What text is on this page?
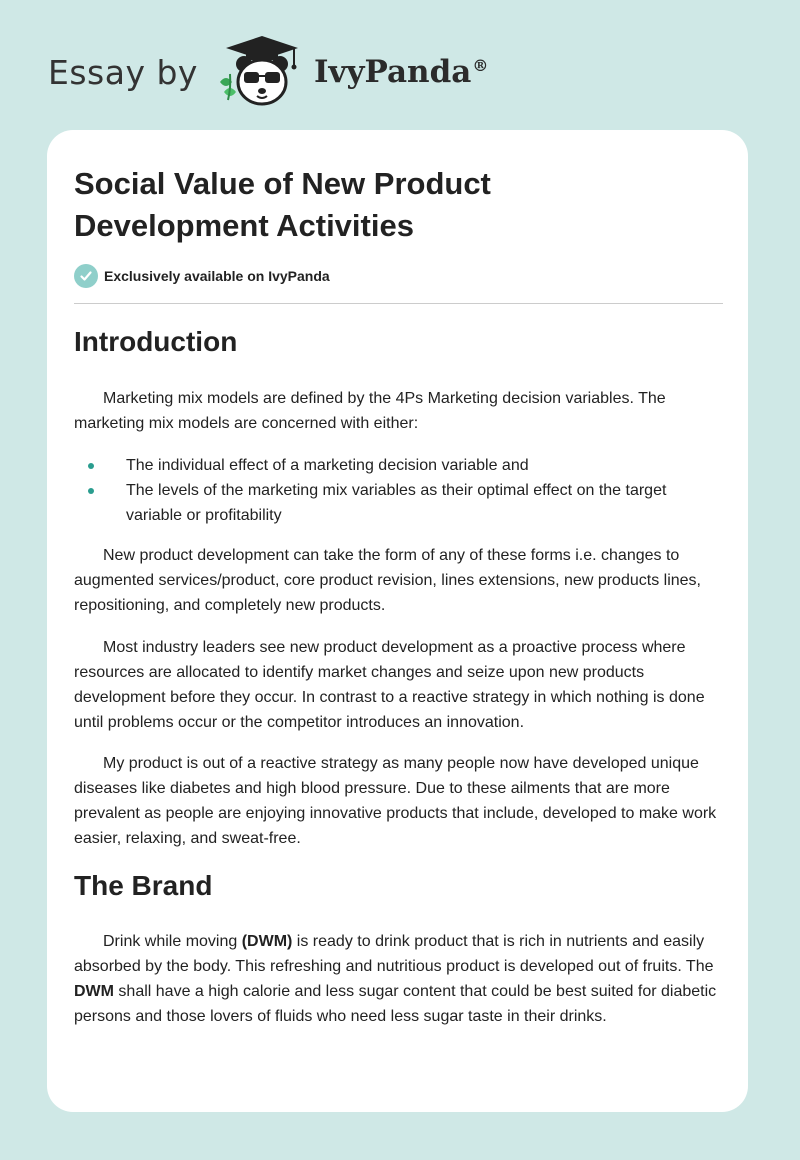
Essay by	IvyPanda®
Social Value of New Product Development Activities
Exclusively available on IvyPanda
Introduction

Marketing mix models are defined by the 4Ps Marketing decision variables. The marketing mix models are concerned with either:

The individual effect of a marketing decision variable and
The levels of the marketing mix variables as their optimal effect on the target variable or profitability

New product development can take the form of any of these forms i.e. changes to augmented services/product, core product revision, lines extensions, new products lines, repositioning, and completely new products.

Most industry leaders see new product development as a proactive process where resources are allocated to identify market changes and seize upon new products development before they occur. In contrast to a reactive strategy in which nothing is done until problems occur or the competitor introduces an innovation.

My product is out of a reactive strategy as many people now have developed unique diseases like diabetes and high blood pressure. Due to these ailments that are more prevalent as people are enjoying innovative products that include, developed to make work easier, relaxing, and sweat-free.

The Brand

Drink while moving (DWM) is ready to drink product that is rich in nutrients and easily absorbed by the body. This refreshing and nutritious product is developed out of fruits. The DWM shall have a high calorie and less sugar content that could be best suited for diabetic persons and those lovers of fluids who need less sugar taste in their drinks.
